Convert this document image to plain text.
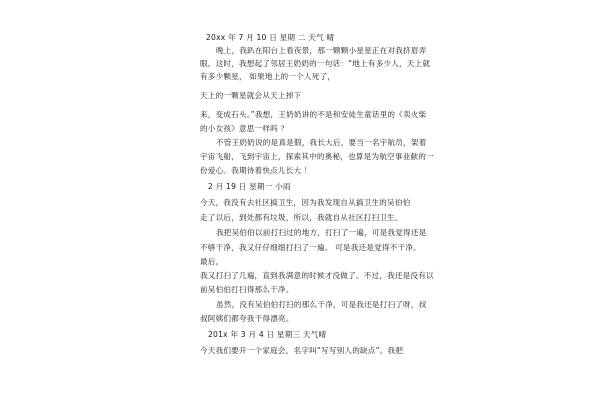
20xx 年 7 月 10 日 星期 二 天气 晴
晚上，我趴在阳台上看夜景，那一颗颗小星星正在对我挤眉弄
眼。这时，我想起了邻居王奶奶的一句话：“地上有多少人，天上就
有多少颗星， 如果地上的一个人死了，
天上的一颗星就会从天上掉下
来，变成石头。”我想，王奶奶讲的不是和安徒生童话里的《卖火柴
的小女孩》意思一样吗 ？
不管王奶奶说的是真是假，我长大后，要当一名宇航员，架着
宇宙飞船，飞到宇宙上，探索其中的奥秘，也算是为航空事业献的一
份爱心。我期待着快点儿长大 ！
2 月 19 日 星期一 小雨
今天，我没有去社区搞卫生，因为我发现自从搞卫生的吴伯伯
走了以后，到处都有垃圾，所以，我就自从社区打扫卫生。
我把吴伯伯以前打扫过的地方，打扫了一遍，可是我觉得还是
不够干净，我又仔仔细细打扫了一遍。 可是我还是觉得不干净。
最后，
我又打扫了几遍，直到我满意的时候才没做了。不过，我还是没有以
前吴伯伯打扫得那么干净。
虽然，没有吴伯伯打扫的那么干净，可是我还是打扫了呀，叔
叔阿姨们都夸我干得漂亮。
201x 年 3 月 4 日 星期三 天气晴
今天我们要开一个家庭会，名字叫“写写别人的缺点”。我把
